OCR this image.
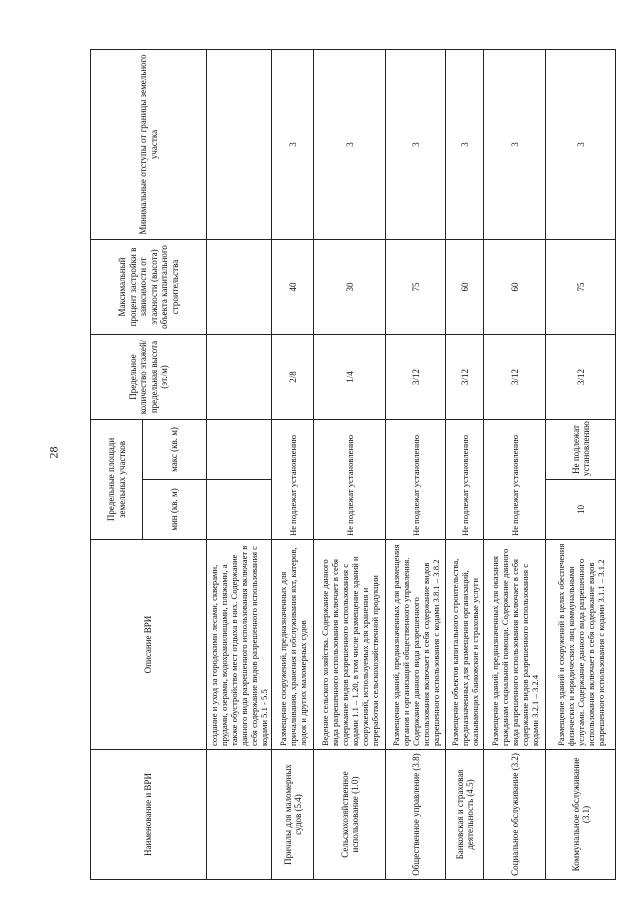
28
Наименование и ВРИ	Описание ВРИ	Предельные площади земельных участков		Предельное количество этажей/ предельная высота (эт./м)	Максимальный процент застройки в зависимости от этажности (высота) объекта капитального строительства	Минимальные отступы от границы земельного участка
		мин (кв. м)	макс (кв. м)			
	создание и уход за городскими лесами, скверами, прудами, озерами, водохранилищами, пляжами, а также обустройство мест отдыха в них. Содержание данного вида разрешенного использования включает в себя содержание видов разрешенного использования с кодами 5.1 - 5.5					
Причалы для маломерных судов (5.4)	Размещение сооружений, предназначенных для причаливания, хранения и обслуживания яхт, катеров, лодок и других маломерных судов	Не подлежат установлению		2/8	40	3
Сельскохозяйственное использование (1.0)	Ведение сельского хозяйства. Содержание данного вида разрешенного использования включает в себя содержание видов разрешенного использования с кодами 1.1 – 1.20, в том числе размещение зданий и сооружений, используемых для хранения и переработки сельскохозяйственной продукции	Не подлежат установлению		1/4	30	3
Общественное управление (3.8)	Размещение зданий, предназначенных для размещения органов и организаций общественного управления. Содержание данного вида разрешенного использования включает в себя содержание видов разрешенного использования с кодами 3.8.1 – 3.8.2	Не подлежат установлению		3/12	75	3
Банковская и страховая деятельность (4.5)	Размещение объектов капитального строительства, предназначенных для размещения организаций, оказывающих банковские и страховые услуги	Не подлежат установлению		3/12	60	3
Социальное обслуживание (3.2)	Размещение зданий, предназначенных для оказания гражданам социальной помощи. Содержание данного вида разрешенного использования включает в себя содержание видов разрешенного использования с кодами 3.2.1 – 3.2.4	Не подлежат установлению		3/12	60	3
Коммунальное обслуживание (3.1)	Размещение зданий и сооружений в целях обеспечения физических и юридических лиц коммунальными услугами. Содержание данного вида разрешенного использования включает в себя содержание видов разрешенного использования с кодами 3.1.1 – 3.1.2	10	Не подлежат установлению	3/12	75	3
